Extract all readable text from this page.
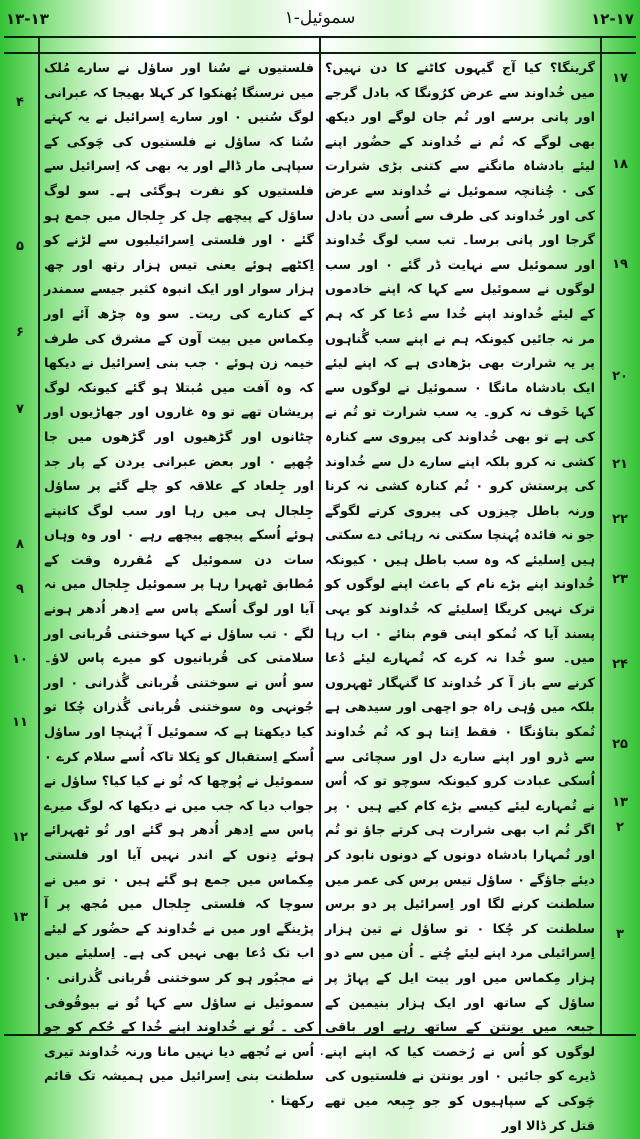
۱۳-۱۳	۱-سموئیل	۱۲-۱۷

گرینگا؟ کیا آج گیہوں کاٹنے کا دن نہیں؟ میں خُداوند سے عرض کرُونگا کہ بادل گرجے اور پانی برسے اور تُم جان لوگے اور دیکھ بھی لوگے کہ تُم نے خُداوند کے حضُور اپنے لیئے بادشاہ مانگنے سے کتنی بڑی شرارت کی ۰ چُنانچہ سموئیل نے خُداوند سے عرض کی اور خُداوند کی طرف سے اُسی دن بادل گرجا اور پانی برسا۔ تب سب لوگ خُداوند اور سموئیل سے نہایت ڈر گئے ۰ اور سب لوگوں نے سموئیل سے کہا کہ اپنے خادموں کے لیئے خُداوند اپنے خُدا سے دُعا کر کہ ہم مر نہ جائیں کیونکہ ہم نے اپنے سب گُناہوں پر یہ شرارت بھی بڑھادی ہے کہ اپنے لیئے ایک بادشاہ مانگا ۰ سموئیل نے لوگوں سے کہا خَوف نہ کرو۔ یہ سب شرارت تو تُم نے کی ہے تو بھی خُداوند کی پیروی سے کنارہ کشی نہ کرو بلکہ اپنے سارے دل سے خُداوند کی پرستش کرو ۰ تُم کنارہ کشی نہ کرنا ورنہ باطل چیزوں کی پیروی کرنے لگوگے جو نہ فائدہ پُہنچا سکتی نہ رہائی دے سکتی ہیں اِسلیئے کہ وہ سب باطل ہیں ۰ کیونکہ خُداوند اپنے بڑے نام کے باعث اپنے لوگوں کو ترک نہیں کریگا اِسلیئے کہ خُداوند کو یہی پسند آیا کہ تُمکو اپنی قوم بنائے ۰ اب رہا میں۔ سو خُدا نہ کرے کہ تُمہارے لیئے دُعا کرنے سے باز آ کر خُداوند کا گنہگار ٹھہروں بلکہ میں وُہی راہ جو اچھی اور سیدھی ہے تُمکو بتاؤنگا ۰ فقط اِتنا ہو کہ تُم خُداوند سے ڈرو اور اپنے سارے دل اور سچائی سے اُسکی عبادت کرو کیونکہ سوچو تو کہ اُس نے تُمہارے لیئے کیسے بڑے کام کیے ہیں ۰ پر اگر تُم اب بھی شرارت ہی کرتے جاؤ تو تُم اور تُمہارا بادشاہ دونوں کے دونوں نابود کر دیئے جاؤگے ۰ ساؤل تیس برس کی عمر میں سلطنت کرنے لگا اور اِسرائیل پر دو برس سلطنت کر چُکا ۰ تو ساؤل نے تین ہزار اِسرائیلی مرد اپنے لیئے چُنے ۔ اُن میں سے دو ہزار مِکماس میں اور بیت ایل کے پہاڑ پر ساؤل کے ساتھ اور ایک ہزار بنیمین کے جِبعہ میں یونتن کے ساتھ رہے اور باقی لوگوں کو اُس نے رُخصت کیا کہ اپنے اپنے ڈیرے کو جائیں ۰ اور یونتن نے فلستیوں کی چَوکی کے سپاہیوں کو جو جِبعہ میں تھے قتل کر ڈالا اور

فلستیوں نے سُنا اور ساؤل نے سارے مُلک میں نرسنگا پُھنکوا کر کہلا بھیجا کہ عبرانی لوگ سُنیں ۰ اور سارے اِسرائیل نے یہ کہتے سُنا کہ ساؤل نے فلستیوں کی چَوکی کے سپاہی مار ڈالے اور یہ بھی کہ اِسرائیل سے فلستیوں کو نفرت ہوگئی ہے۔ سو لوگ ساؤل کے پیچھے چل کر جِلجال میں جمع ہو گئے ۰ اور فلستی اِسرائیلیوں سے لڑنے کو اِکٹھے ہوئے یعنی تیس ہزار رتھ اور چھ ہزار سوار اور ایک انبوہ کثیر جیسے سمندر کے کنارے کی ریت۔ سو وہ چڑھ آئے اور مِکماس میں بیت آون کے مشرق کی طرف خیمہ زن ہوئے ۰ جب بنی اِسرائیل نے دیکھا کہ وہ آفت میں مُبتلا ہو گئے کیونکہ لوگ پریشان تھے تو وہ غاروں اور جھاڑیوں اور چٹانوں اور گڑھیوں اور گڑھوں میں جا چُھپے ۰ اور بعض عبرانی یردن کے پار جد اور جِلعاد کے علاقہ کو چلے گئے پر ساؤل جِلجال ہی میں رہا اور سب لوگ کانپتے ہوئے اُسکے پیچھے پیچھے رہے ۰ اور وہ وہاں سات دن سموئیل کے مُقررہ وقت کے مُطابق ٹھہرا رہا پر سموئیل جِلجال میں نہ آیا اور لوگ اُسکے پاس سے اِدھر اُدھر ہونے لگے ۰ تب ساؤل نے کہا سوختنی قُربانی اور سلامتی کی قُربانیوں کو میرے پاس لاؤ۔ سو اُس نے سوختنی قُربانی گُذرانی ۰ اور جُونہی وہ سوختنی قُربانی گُذران چُکا تو کیا دیکھتا ہے کہ سموئیل آ پُہنچا اور ساؤل اُسکے اِستقبال کو نِکلا تاکہ اُسے سلام کرے ۰ سموئیل نے پُوچھا کہ تُو نے کیا کیا؟ ساؤل نے جواب دیا کہ جب میں نے دیکھا کہ لوگ میرے پاس سے اِدھر اُدھر ہو گئے اور تُو ٹھہرائے ہوئے دِنوں کے اندر نہیں آیا اور فلستی مِکماس میں جمع ہو گئے ہیں ۰ تو میں نے سوچا کہ فلستی جِلجال میں مُجھ پر آ پڑینگے اور میں نے خُداوند کے حضُور کے لیئے اب تک دُعا بھی نہیں کی ہے۔ اِسلیئے میں نے مجبُور ہو کر سوختنی قُربانی گُذرانی ۰ سموئیل نے ساؤل سے کہا تُو نے بیوقُوفی کی ۔ تُو نے خُداوند اپنے خُدا کے حُکم کو جو اُس نے تُجھے دیا نہیں مانا ورنہ خُداوند تیری سلطنت بنی اِسرائیل میں ہمیشہ تک قائم رکھتا ۰

۱۷
۱۸
۱۹
۲۰
۲۱
۲۲
۲۳
۲۴
۲۵
۱۳
۲
۳
۴
۵
۶
۷
۸
۹
۱۰
۱۱
۱۲
۱۳
۰
